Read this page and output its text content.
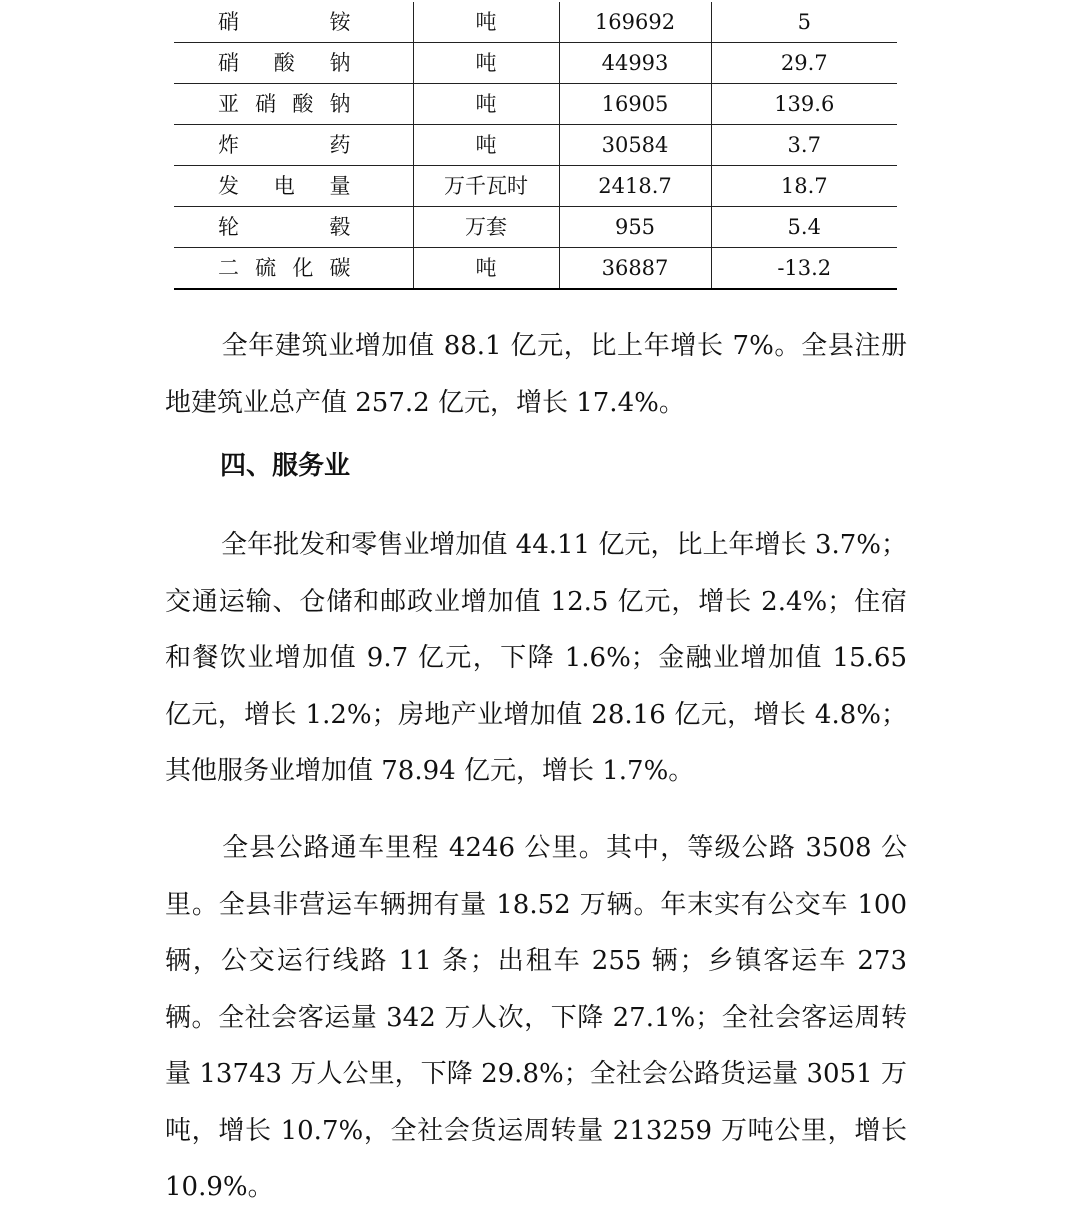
硝铵	吨	169692	5
硝酸钠	吨	44993	29.7
亚硝酸钠	吨	16905	139.6
炸药	吨	30584	3.7
发电量	万千瓦时	2418.7	18.7
轮毂	万套	955	5.4
二硫化碳	吨	36887	-13.2

全年建筑业增加值 88.1 亿元，比上年增长 7%。全县注册地建筑业总产值 257.2 亿元，增长 17.4%。

四、服务业

全年批发和零售业增加值 44.11 亿元，比上年增长 3.7%；交通运输、仓储和邮政业增加值 12.5 亿元，增长 2.4%；住宿和餐饮业增加值 9.7 亿元，下降 1.6%；金融业增加值 15.65 亿元，增长 1.2%；房地产业增加值 28.16 亿元，增长 4.8%；其他服务业增加值 78.94 亿元，增长 1.7%。

全县公路通车里程 4246 公里。其中，等级公路 3508 公里。全县非营运车辆拥有量 18.52 万辆。年末实有公交车 100 辆，公交运行线路 11 条；出租车 255 辆；乡镇客运车 273 辆。全社会客运量 342 万人次，下降 27.1%；全社会客运周转量 13743 万人公里，下降 29.8%；全社会公路货运量 3051 万吨，增长 10.7%，全社会货运周转量 213259 万吨公里，增长 10.9%。
